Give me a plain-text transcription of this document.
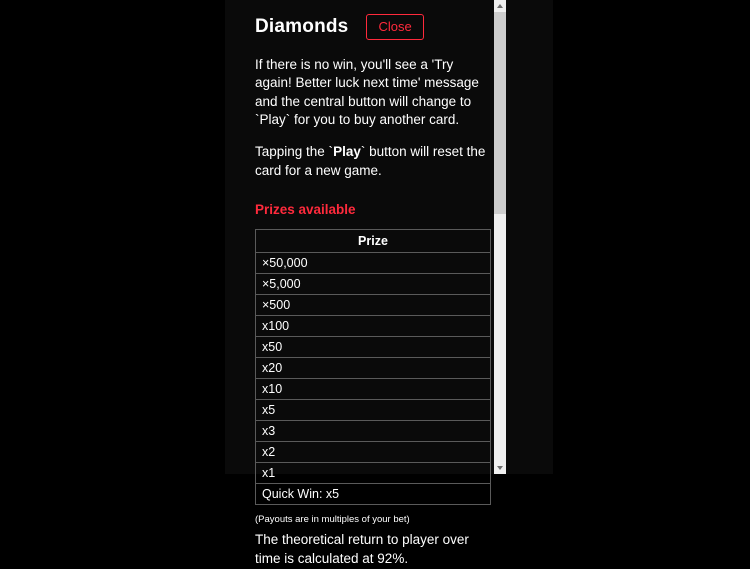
Diamonds	Close
If there is no win, you'll see a 'Try again! Better luck next time' message and the central button will change to `Play` for you to buy another card.
Tapping the `Play` button will reset the card for a new game.
Prizes available
Prize
×50,000
×5,000
×500
x100
x50
x20
x10
x5
x3
x2
x1
Quick Win: x5
(Payouts are in multiples of your bet)
The theoretical return to player over time is calculated at 92%.
